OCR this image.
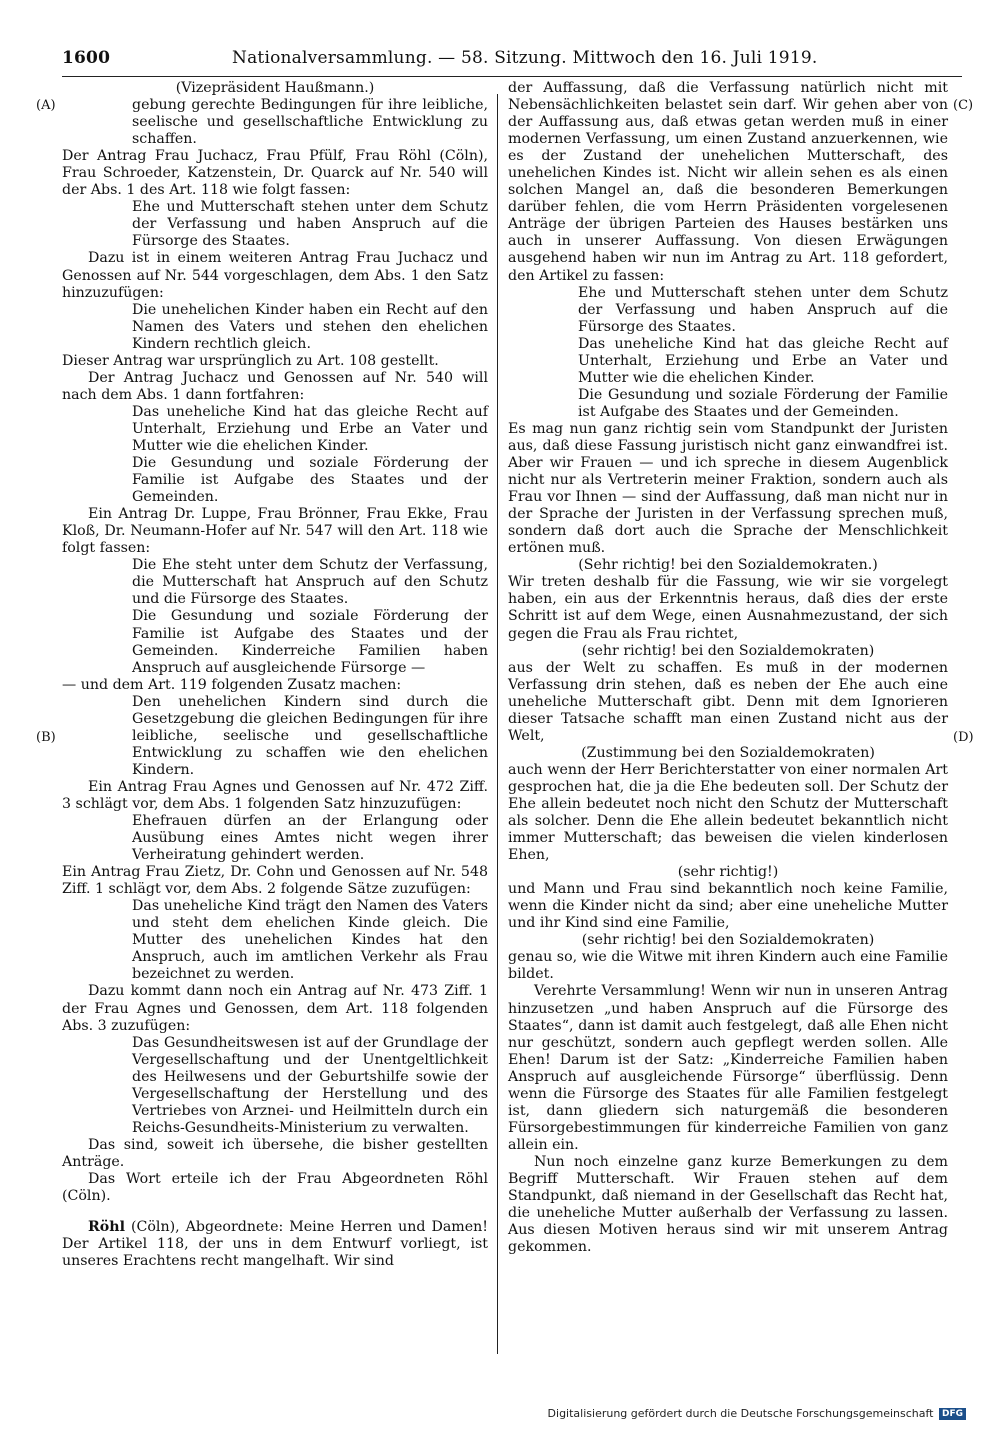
1600	Nationalversammlung. — 58. Sitzung. Mittwoch den 16. Juli 1919.
(A)
(B)
(C)
(D)

(Vizepräsident Haußmann.)

gebung gerechte Bedingungen für ihre leibliche, seelische und gesellschaftliche Entwicklung zu schaffen.

Der Antrag Frau Juchacz, Frau Pfülf, Frau Röhl (Cöln), Frau Schroeder, Katzenstein, Dr. Quarck auf Nr. 540 will der Abs. 1 des Art. 118 wie folgt fassen:

Ehe und Mutterschaft stehen unter dem Schutz der Verfassung und haben Anspruch auf die Fürsorge des Staates.

Dazu ist in einem weiteren Antrag Frau Juchacz und Genossen auf Nr. 544 vorgeschlagen, dem Abs. 1 den Satz hinzuzufügen:

Die unehelichen Kinder haben ein Recht auf den Namen des Vaters und stehen den ehelichen Kindern rechtlich gleich.

Dieser Antrag war ursprünglich zu Art. 108 gestellt.

Der Antrag Juchacz und Genossen auf Nr. 540 will nach dem Abs. 1 dann fortfahren:

Das uneheliche Kind hat das gleiche Recht auf Unterhalt, Erziehung und Erbe an Vater und Mutter wie die ehelichen Kinder.

Die Gesundung und soziale Förderung der Familie ist Aufgabe des Staates und der Gemeinden.

Ein Antrag Dr. Luppe, Frau Brönner, Frau Ekke, Frau Kloß, Dr. Neumann-Hofer auf Nr. 547 will den Art. 118 wie folgt fassen:

Die Ehe steht unter dem Schutz der Verfassung, die Mutterschaft hat Anspruch auf den Schutz und die Fürsorge des Staates.

Die Gesundung und soziale Förderung der Familie ist Aufgabe des Staates und der Gemeinden. Kinderreiche Familien haben Anspruch auf ausgleichende Fürsorge —

— und dem Art. 119 folgenden Zusatz machen:

Den unehelichen Kindern sind durch die Gesetzgebung die gleichen Bedingungen für ihre leibliche, seelische und gesellschaftliche Entwicklung zu schaffen wie den ehelichen Kindern.

Ein Antrag Frau Agnes und Genossen auf Nr. 472 Ziff. 3 schlägt vor, dem Abs. 1 folgenden Satz hinzuzufügen:

Ehefrauen dürfen an der Erlangung oder Ausübung eines Amtes nicht wegen ihrer Verheiratung gehindert werden.

Ein Antrag Frau Zietz, Dr. Cohn und Genossen auf Nr. 548 Ziff. 1 schlägt vor, dem Abs. 2 folgende Sätze zuzufügen:

Das uneheliche Kind trägt den Namen des Vaters und steht dem ehelichen Kinde gleich. Die Mutter des unehelichen Kindes hat den Anspruch, auch im amtlichen Verkehr als Frau bezeichnet zu werden.

Dazu kommt dann noch ein Antrag auf Nr. 473 Ziff. 1 der Frau Agnes und Genossen, dem Art. 118 folgenden Abs. 3 zuzufügen:

Das Gesundheitswesen ist auf der Grundlage der Vergesellschaftung und der Unentgeltlichkeit des Heilwesens und der Geburtshilfe sowie der Vergesellschaftung der Herstellung und des Vertriebes von Arznei- und Heilmitteln durch ein Reichs-Gesundheits-Ministerium zu verwalten.

Das sind, soweit ich übersehe, die bisher gestellten Anträge.

Das Wort erteile ich der Frau Abgeordneten Röhl (Cöln).

Röhl (Cöln), Abgeordnete: Meine Herren und Damen! Der Artikel 118, der uns in dem Entwurf vorliegt, ist unseres Erachtens recht mangelhaft. Wir sind

der Auffassung, daß die Verfassung natürlich nicht mit Nebensächlichkeiten belastet sein darf. Wir gehen aber von der Auffassung aus, daß etwas getan werden muß in einer modernen Verfassung, um einen Zustand anzuerkennen, wie es der Zustand der unehelichen Mutterschaft, des unehelichen Kindes ist. Nicht wir allein sehen es als einen solchen Mangel an, daß die besonderen Bemerkungen darüber fehlen, die vom Herrn Präsidenten vorgelesenen Anträge der übrigen Parteien des Hauses bestärken uns auch in unserer Auffassung. Von diesen Erwägungen ausgehend haben wir nun im Antrag zu Art. 118 gefordert, den Artikel zu fassen:

Ehe und Mutterschaft stehen unter dem Schutz der Verfassung und haben Anspruch auf die Fürsorge des Staates.

Das uneheliche Kind hat das gleiche Recht auf Unterhalt, Erziehung und Erbe an Vater und Mutter wie die ehelichen Kinder.

Die Gesundung und soziale Förderung der Familie ist Aufgabe des Staates und der Gemeinden.

Es mag nun ganz richtig sein vom Standpunkt der Juristen aus, daß diese Fassung juristisch nicht ganz einwandfrei ist. Aber wir Frauen — und ich spreche in diesem Augenblick nicht nur als Vertreterin meiner Fraktion, sondern auch als Frau vor Ihnen — sind der Auffassung, daß man nicht nur in der Sprache der Juristen in der Verfassung sprechen muß, sondern daß dort auch die Sprache der Menschlichkeit ertönen muß.

(Sehr richtig! bei den Sozialdemokraten.)

Wir treten deshalb für die Fassung, wie wir sie vorgelegt haben, ein aus der Erkenntnis heraus, daß dies der erste Schritt ist auf dem Wege, einen Ausnahmezustand, der sich gegen die Frau als Frau richtet,

(sehr richtig! bei den Sozialdemokraten)

aus der Welt zu schaffen. Es muß in der modernen Verfassung drin stehen, daß es neben der Ehe auch eine uneheliche Mutterschaft gibt. Denn mit dem Ignorieren dieser Tatsache schafft man einen Zustand nicht aus der Welt,

(Zustimmung bei den Sozialdemokraten)

auch wenn der Herr Berichterstatter von einer normalen Art gesprochen hat, die ja die Ehe bedeuten soll. Der Schutz der Ehe allein bedeutet noch nicht den Schutz der Mutterschaft als solcher. Denn die Ehe allein bedeutet bekanntlich nicht immer Mutterschaft; das beweisen die vielen kinderlosen Ehen,

(sehr richtig!)

und Mann und Frau sind bekanntlich noch keine Familie, wenn die Kinder nicht da sind; aber eine uneheliche Mutter und ihr Kind sind eine Familie,

(sehr richtig! bei den Sozialdemokraten)

genau so, wie die Witwe mit ihren Kindern auch eine Familie bildet.

Verehrte Versammlung! Wenn wir nun in unseren Antrag hinzusetzen „und haben Anspruch auf die Fürsorge des Staates“, dann ist damit auch festgelegt, daß alle Ehen nicht nur geschützt, sondern auch gepflegt werden sollen. Alle Ehen! Darum ist der Satz: „Kinderreiche Familien haben Anspruch auf ausgleichende Fürsorge“ überflüssig. Denn wenn die Fürsorge des Staates für alle Familien festgelegt ist, dann gliedern sich naturgemäß die besonderen Fürsorgebestimmungen für kinderreiche Familien von ganz allein ein.

Nun noch einzelne ganz kurze Bemerkungen zu dem Begriff Mutterschaft. Wir Frauen stehen auf dem Standpunkt, daß niemand in der Gesellschaft das Recht hat, die uneheliche Mutter außerhalb der Verfassung zu lassen. Aus diesen Motiven heraus sind wir mit unserem Antrag gekommen.

Digitalisierung gefördert durch die Deutsche Forschungsgemeinschaft DFG
